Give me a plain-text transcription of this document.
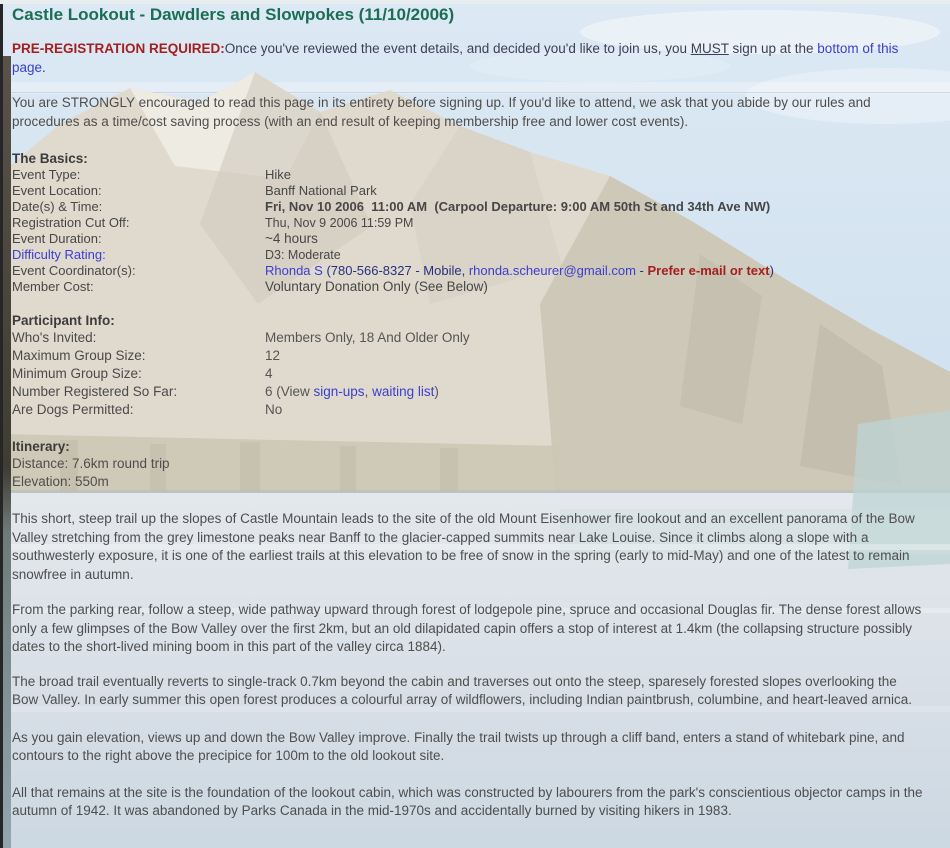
Castle Lookout - Dawdlers and Slowpokes (11/10/2006)

PRE-REGISTRATION REQUIRED:Once you've reviewed the event details, and decided you'd like to join us, you MUST sign up at the bottom of this page.

You are STRONGLY encouraged to read this page in its entirety before signing up. If you'd like to attend, we ask that you abide by our rules and procedures as a time/cost saving process (with an end result of keeping membership free and lower cost events).

The Basics:
Event Type:	Hike
Event Location:	Banff National Park
Date(s) & Time:	Fri, Nov 10 2006  11:00 AM  (Carpool Departure: 9:00 AM 50th St and 34th Ave NW)
Registration Cut Off:	Thu, Nov 9 2006 11:59 PM
Event Duration:	~4 hours
Difficulty Rating:	D3: Moderate
Event Coordinator(s):	Rhonda S (780-566-8327 - Mobile, rhonda.scheurer@gmail.com - Prefer e-mail or text)
Member Cost:	Voluntary Donation Only (See Below)
Participant Info:
Who's Invited:	Members Only, 18 And Older Only
Maximum Group Size:	12
Minimum Group Size:	4
Number Registered So Far:	6 (View sign-ups, waiting list)
Are Dogs Permitted:	No
Itinerary:

Distance: 7.6km round trip

Elevation: 550m

This short, steep trail up the slopes of Castle Mountain leads to the site of the old Mount Eisenhower fire lookout and an excellent panorama of the Bow Valley stretching from the grey limestone peaks near Banff to the glacier-capped summits near Lake Louise. Since it climbs along a slope with a southwesterly exposure, it is one of the earliest trails at this elevation to be free of snow in the spring (early to mid-May) and one of the latest to remain snowfree in autumn.

From the parking rear, follow a steep, wide pathway upward through forest of lodgepole pine, spruce and occasional Douglas fir. The dense forest allows only a few glimpses of the Bow Valley over the first 2km, but an old dilapidated capin offers a stop of interest at 1.4km (the collapsing structure possibly dates to the short-lived mining boom in this part of the valley circa 1884).

The broad trail eventually reverts to single-track 0.7km beyond the cabin and traverses out onto the steep, sparesely forested slopes overlooking the Bow Valley. In early summer this open forest produces a colourful array of wildflowers, including Indian paintbrush, columbine, and heart-leaved arnica.

As you gain elevation, views up and down the Bow Valley improve. Finally the trail twists up through a cliff band, enters a stand of whitebark pine, and contours to the right above the precipice for 100m to the old lookout site.

All that remains at the site is the foundation of the lookout cabin, which was constructed by labourers from the park's conscientious objector camps in the autumn of 1942. It was abandoned by Parks Canada in the mid-1970s and accidentally burned by visiting hikers in 1983.
